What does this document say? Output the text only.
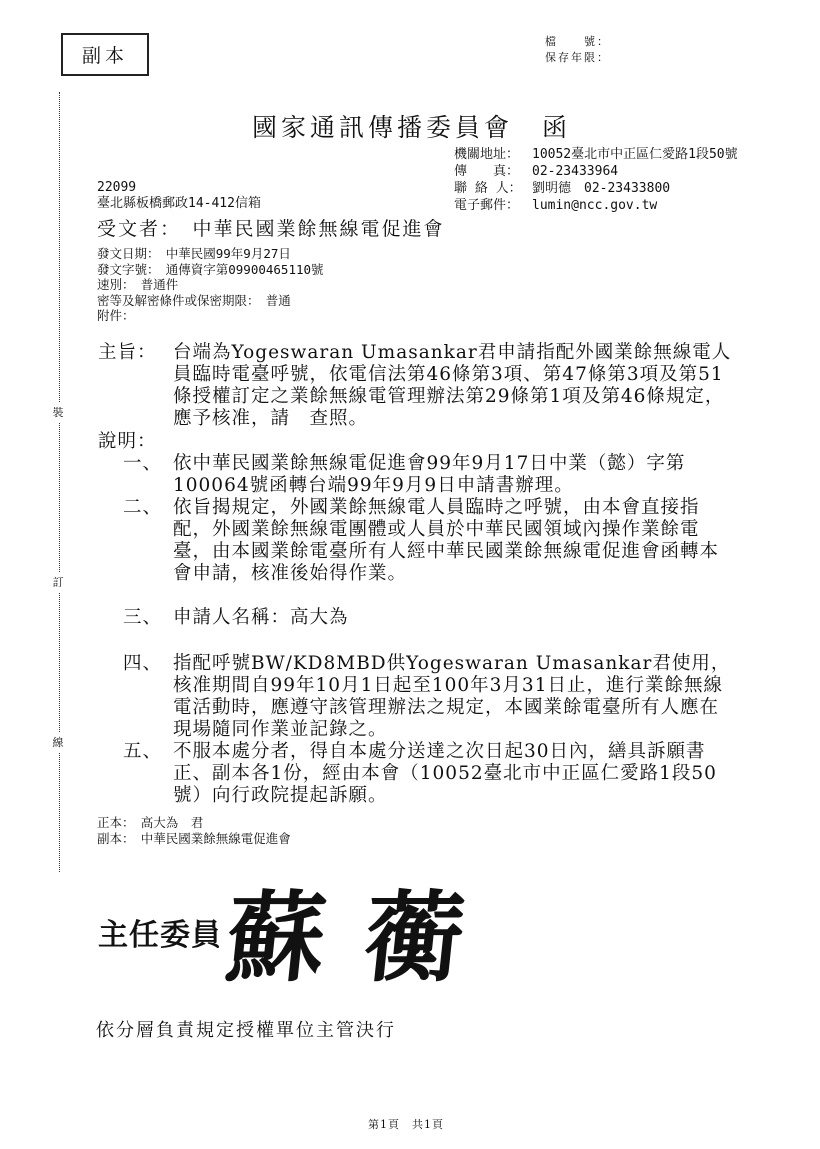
副本
檔　　號：
保存年限：
裝
訂
線
國家通訊傳播委員會　函
機關地址： 10052臺北市中正區仁愛路1段50號
傳　　真： 02-23433964
聯 絡 人： 劉明德　02-23433800
電子郵件： lumin@ncc.gov.tw
22099
臺北縣板橋郵政14-412信箱
受文者：　中華民國業餘無線電促進會
發文日期：　中華民國99年9月27日
發文字號：　通傳資字第09900465110號
速別：　普通件
密等及解密條件或保密期限：　普通
附件：
主旨： 台端為Yogeswaran Umasankar君申請指配外國業餘無線電人員臨時電臺呼號，依電信法第46條第3項、第47條第3項及第51條授權訂定之業餘無線電管理辦法第29條第1項及第46條規定，應予核准，請　查照。
說明：
一、 依中華民國業餘無線電促進會99年9月17日中業（懿）字第100064號函轉台端99年9月9日申請書辦理。
二、 依旨揭規定，外國業餘無線電人員臨時之呼號，由本會直接指配，外國業餘無線電團體或人員於中華民國領域內操作業餘電臺，由本國業餘電臺所有人經中華民國業餘無線電促進會函轉本會申請，核准後始得作業。
三、 申請人名稱：高大為
四、 指配呼號BW/KD8MBD供Yogeswaran Umasankar君使用，核准期間自99年10月1日起至100年3月31日止，進行業餘無線電活動時，應遵守該管理辦法之規定，本國業餘電臺所有人應在現場隨同作業並記錄之。
五、 不服本處分者，得自本處分送達之次日起30日內，繕具訴願書正、副本各1份，經由本會（10052臺北市中正區仁愛路1段50號）向行政院提起訴願。
正本：　高大為　君
副本：　中華民國業餘無線電促進會
主任委員 蘇蘅
依分層負責規定授權單位主管決行
第1頁　共1頁
